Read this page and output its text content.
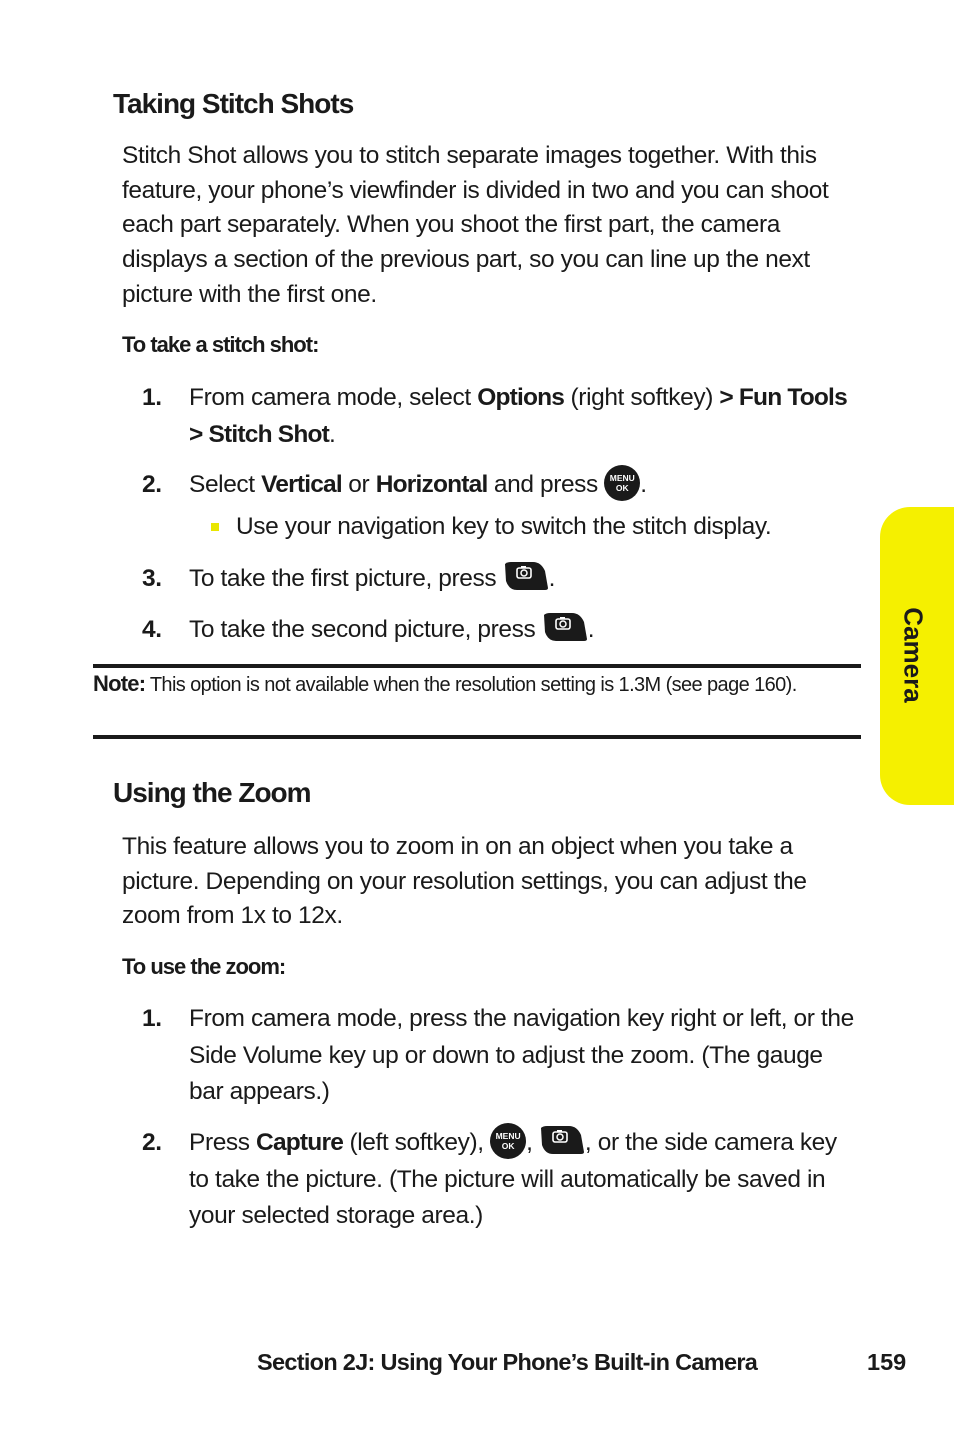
Taking Stitch Shots
Stitch Shot allows you to stitch separate images together. With this feature, your phone’s viewfinder is divided in two and you can shoot each part separately. When you shoot the first part, the camera displays a section of the previous part, so you can line up the next picture with the first one.
To take a stitch shot:
1. From camera mode, select Options (right softkey) > Fun Tools > Stitch Shot.
2. Select Vertical or Horizontal and press MENU
OK .
Use your navigation key to switch the stitch display.
3. To take the first picture, press .
4. To take the second picture, press .
Note: This option is not available when the resolution setting is 1.3M (see page 160).
Using the Zoom
This feature allows you to zoom in on an object when you take a picture. Depending on your resolution settings, you can adjust the zoom from 1x to 12x.
To use the zoom:
1. From camera mode, press the navigation key right or left, or the Side Volume key up or down to adjust the zoom. (The gauge bar appears.)
2. Press Capture (left softkey), MENU
OK , , or the side camera key to take the picture. (The picture will automatically be saved in your selected storage area.)
Camera
Section 2J: Using Your Phone’s Built-in Camera	159
